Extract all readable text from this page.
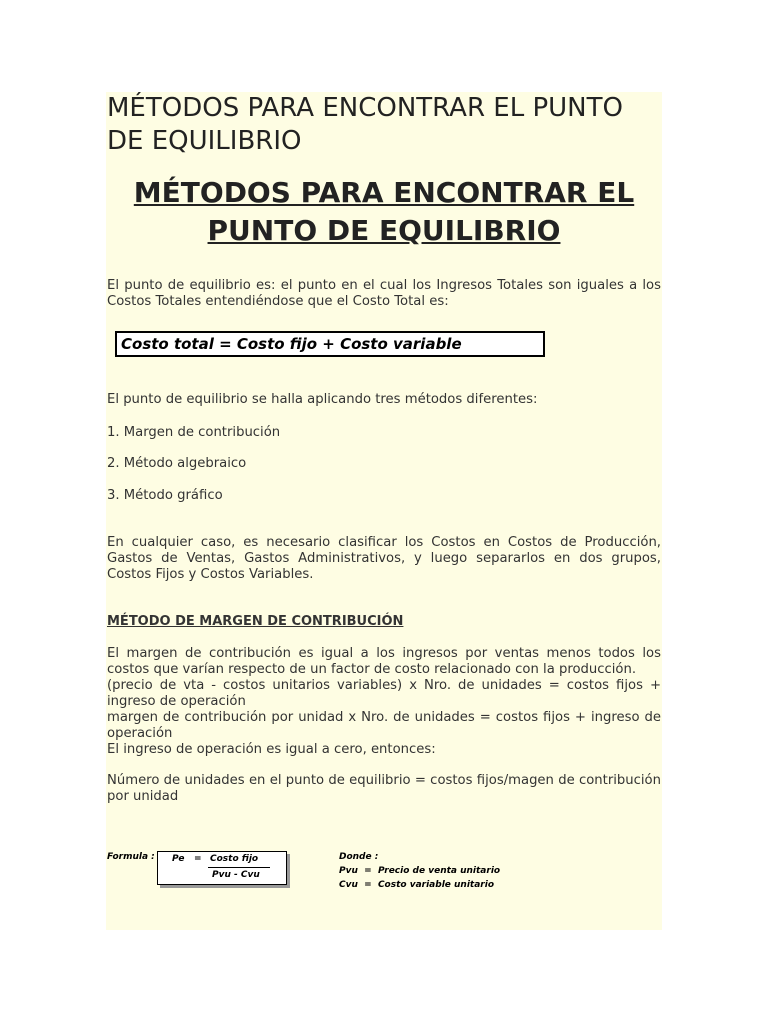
MÉTODOS PARA ENCONTRAR EL PUNTO DE EQUILIBRIO
MÉTODOS PARA ENCONTRAR EL PUNTO DE EQUILIBRIO

El punto de equilibrio es: el punto en el cual los Ingresos Totales son iguales a los Costos Totales entendiéndose que el Costo Total es:

Costo total = Costo fijo + Costo variable

El punto de equilibrio se halla aplicando tres métodos diferentes:

1. Margen de contribución

2. Método algebraico

3. Método gráfico

En cualquier caso, es necesario clasificar los Costos en Costos de Producción, Gastos de Ventas, Gastos Administrativos, y luego separarlos en dos grupos, Costos Fijos y Costos Variables.

MÉTODO DE MARGEN DE CONTRIBUCIÓN

El margen de contribución es igual a los ingresos por ventas menos todos los costos que varían respecto de un factor de costo relacionado con la producción.

(precio de vta - costos unitarios variables) x Nro. de unidades = costos fijos + ingreso de operación

margen de contribución por unidad x Nro. de unidades = costos fijos + ingreso de operación

El ingreso de operación es igual a cero, entonces:

Número de unidades en el punto de equilibrio = costos fijos/magen de contribución por unidad

Formula : Pe = Costo fijo
Pvu - Cvu
Donde :
Pvu  =  Precio de venta unitario
Cvu  =  Costo variable unitario
